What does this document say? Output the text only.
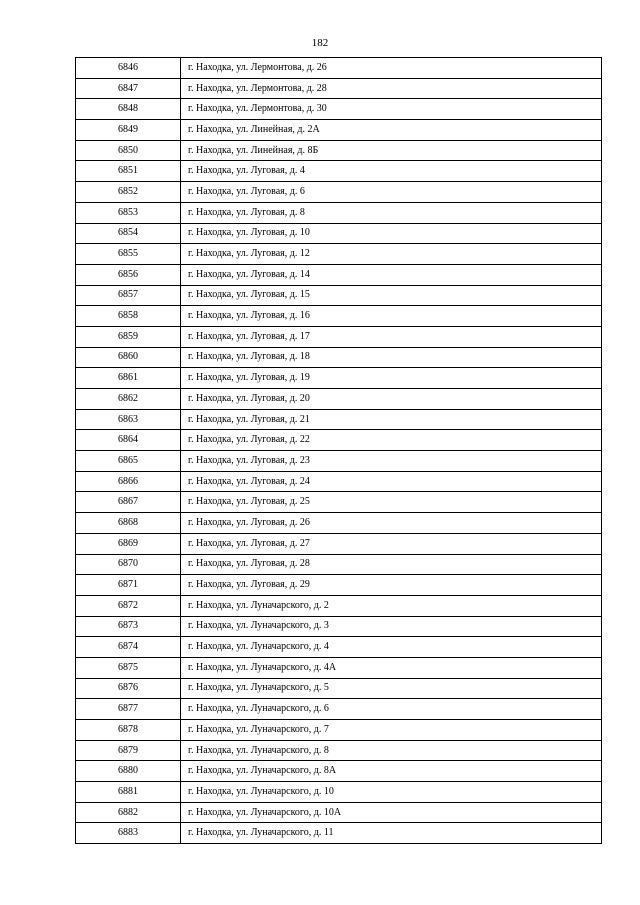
182
6846	г. Находка, ул. Лермонтова, д. 26
6847	г. Находка, ул. Лермонтова, д. 28
6848	г. Находка, ул. Лермонтова, д. 30
6849	г. Находка, ул. Линейная, д. 2А
6850	г. Находка, ул. Линейная, д. 8Б
6851	г. Находка, ул. Луговая, д. 4
6852	г. Находка, ул. Луговая, д. 6
6853	г. Находка, ул. Луговая, д. 8
6854	г. Находка, ул. Луговая, д. 10
6855	г. Находка, ул. Луговая, д. 12
6856	г. Находка, ул. Луговая, д. 14
6857	г. Находка, ул. Луговая, д. 15
6858	г. Находка, ул. Луговая, д. 16
6859	г. Находка, ул. Луговая, д. 17
6860	г. Находка, ул. Луговая, д. 18
6861	г. Находка, ул. Луговая, д. 19
6862	г. Находка, ул. Луговая, д. 20
6863	г. Находка, ул. Луговая, д. 21
6864	г. Находка, ул. Луговая, д. 22
6865	г. Находка, ул. Луговая, д. 23
6866	г. Находка, ул. Луговая, д. 24
6867	г. Находка, ул. Луговая, д. 25
6868	г. Находка, ул. Луговая, д. 26
6869	г. Находка, ул. Луговая, д. 27
6870	г. Находка, ул. Луговая, д. 28
6871	г. Находка, ул. Луговая, д. 29
6872	г. Находка, ул. Луначарского, д. 2
6873	г. Находка, ул. Луначарского, д. 3
6874	г. Находка, ул. Луначарского, д. 4
6875	г. Находка, ул. Луначарского, д. 4А
6876	г. Находка, ул. Луначарского, д. 5
6877	г. Находка, ул. Луначарского, д. 6
6878	г. Находка, ул. Луначарского, д. 7
6879	г. Находка, ул. Луначарского, д. 8
6880	г. Находка, ул. Луначарского, д. 8А
6881	г. Находка, ул. Луначарского, д. 10
6882	г. Находка, ул. Луначарского, д. 10А
6883	г. Находка, ул. Луначарского, д. 11
